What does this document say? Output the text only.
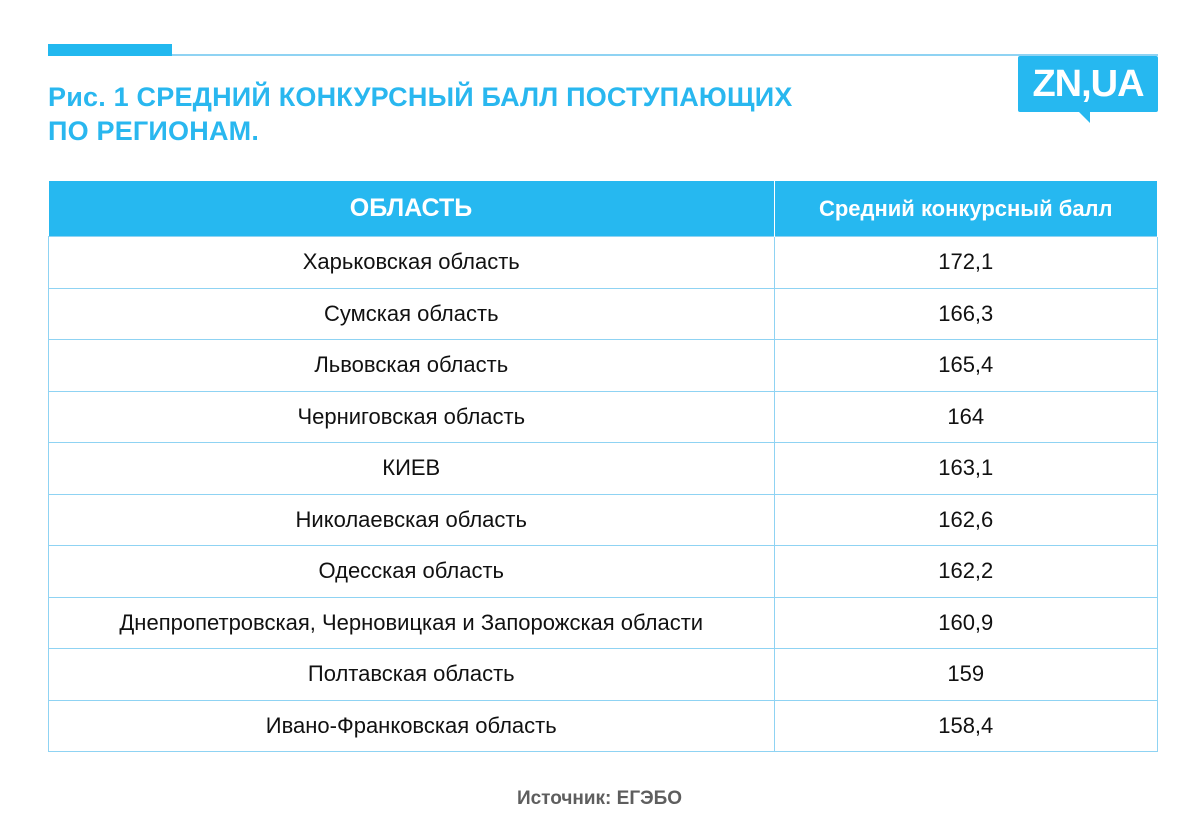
Рис. 1 СРЕДНИЙ КОНКУРСНЫЙ БАЛЛ ПОСТУПАЮЩИХ
ПО РЕГИОНАМ.
ZN,UA
ОБЛАСТЬ	Средний конкурсный балл
Харьковская область	172,1
Сумская область	166,3
Львовская область	165,4
Черниговская область	164
КИЕВ	163,1
Николаевская область	162,6
Одесская область	162,2
Днепропетровская, Черновицкая и Запорожская области	160,9
Полтавская область	159
Ивано-Франковская область	158,4
Источник: ЕГЭБО
